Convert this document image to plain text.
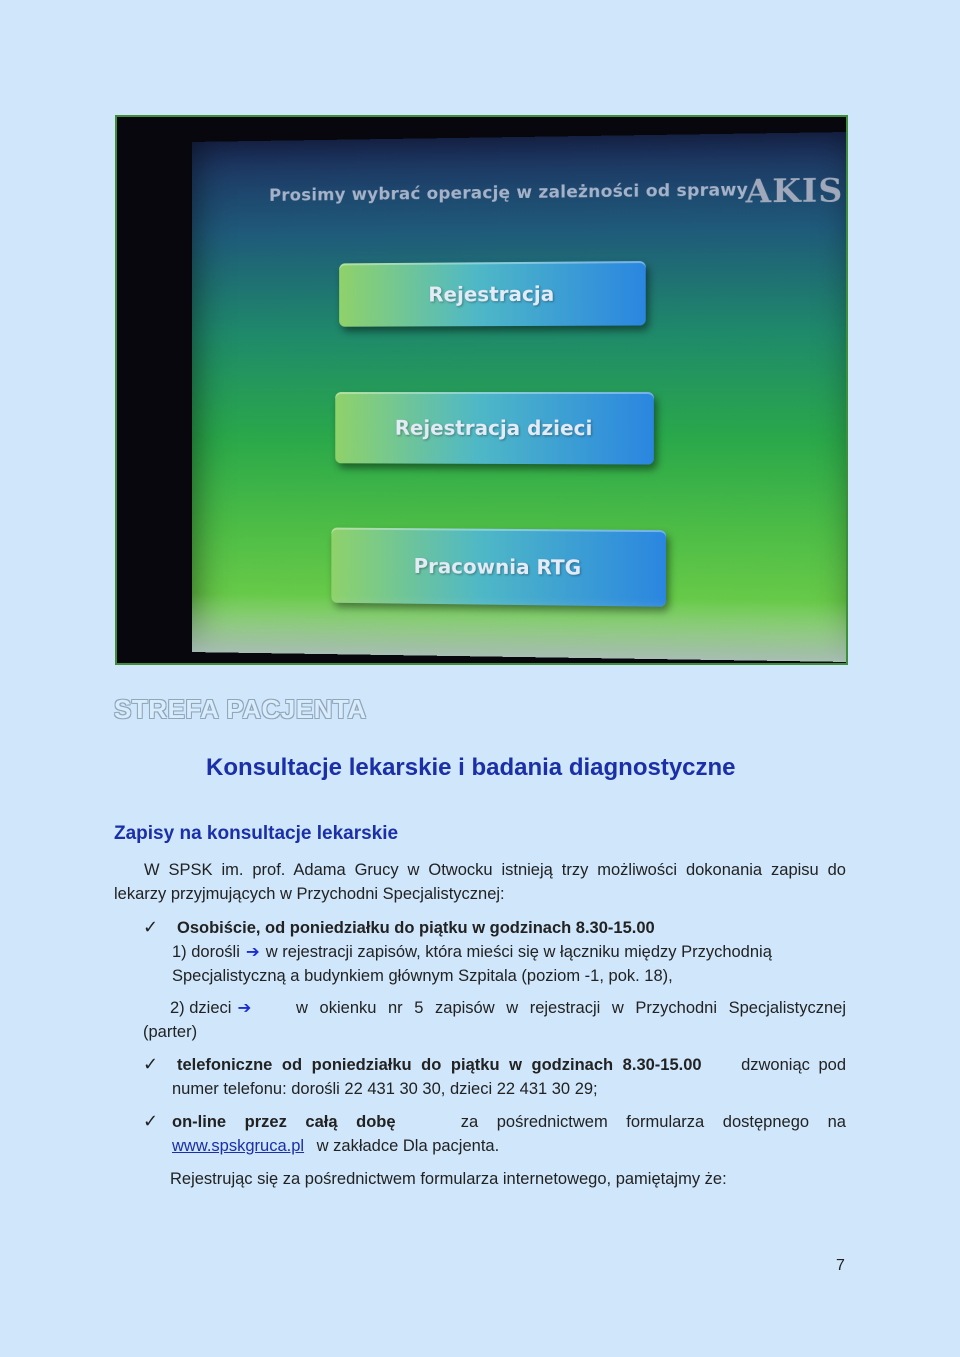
Prosimy wybrać operację w zależności od sprawy
AKIS
Rejestracja
Rejestracja dzieci
Pracownia RTG
STREFA PACJENTA
Konsultacje lekarskie i badania diagnostyczne
Zapisy na konsultacje lekarskie
W SPSK im. prof. Adama Grucy w Otwocku istnieją trzy możliwości dokonania zapisu do lekarzy przyjmujących w Przychodni Specjalistycznej:
✓ Osobiście, od poniedziałku do piątku w godzinach 8.30-15.00
1) dorośli ➔ w rejestracji zapisów, która mieści się w łączniku między Przychodnią
Specjalistyczną a budynkiem głównym Szpitala (poziom -1, pok. 18),
2) dzieci ➔	w okienku nr 5 zapisów w rejestracji w Przychodni Specjalistycznej
(parter)
✓ telefoniczne od poniedziałku do piątku w godzinach 8.30-15.00 dzwoniąc pod
numer telefonu: dorośli 22 431 30 30, dzieci 22 431 30 29;
✓ on-line przez całą dobę	za pośrednictwem formularza dostępnego na
www.spskgruca.pl w zakładce Dla pacjenta.
Rejestrując się za pośrednictwem formularza internetowego, pamiętajmy że:
7
